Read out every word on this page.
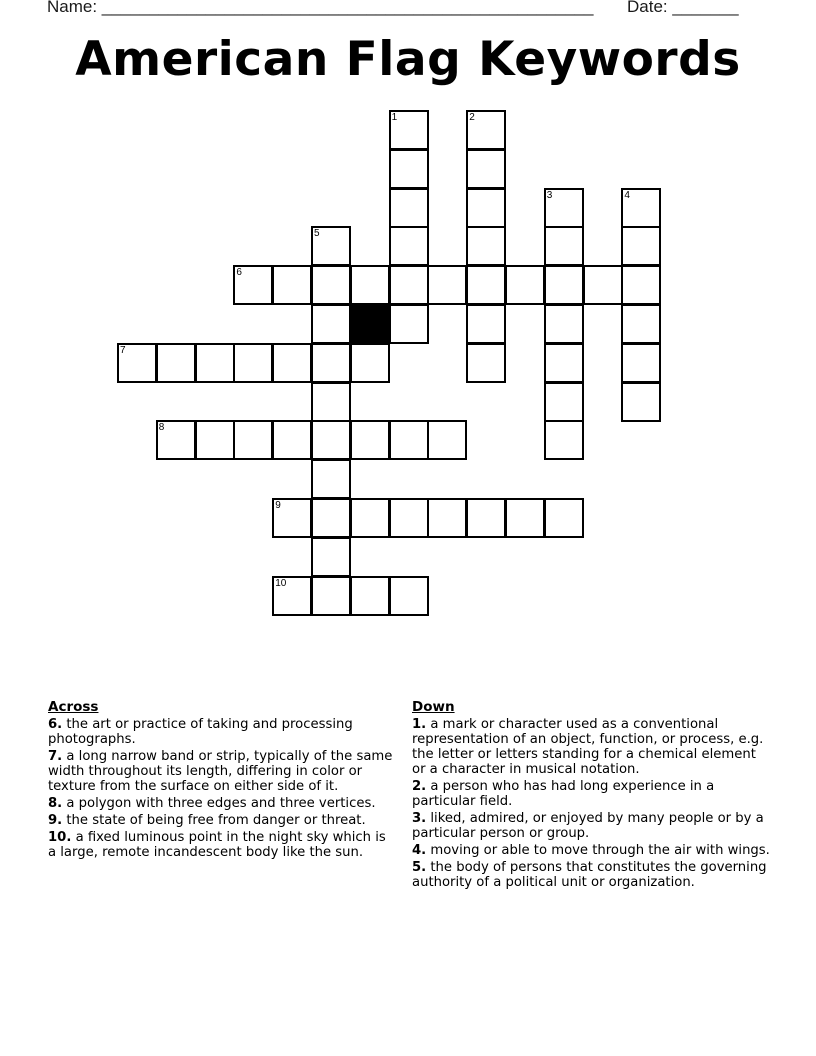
Name: ____________________________________________________ Date: _______
American Flag Keywords
1	2
3	4
5
6
7
8
9
10
Across
6. the art or practice of taking and processing photographs.
7. a long narrow band or strip, typically of the same width throughout its length, differing in color or texture from the surface on either side of it.
8. a polygon with three edges and three vertices.
9. the state of being free from danger or threat.
10. a fixed luminous point in the night sky which is a large, remote incandescent body like the sun.
Down
1. a mark or character used as a conventional representation of an object, function, or process, e.g. the letter or letters standing for a chemical element or a character in musical notation.
2. a person who has had long experience in a particular field.
3. liked, admired, or enjoyed by many people or by a particular person or group.
4. moving or able to move through the air with wings.
5. the body of persons that constitutes the governing authority of a political unit or organization.
